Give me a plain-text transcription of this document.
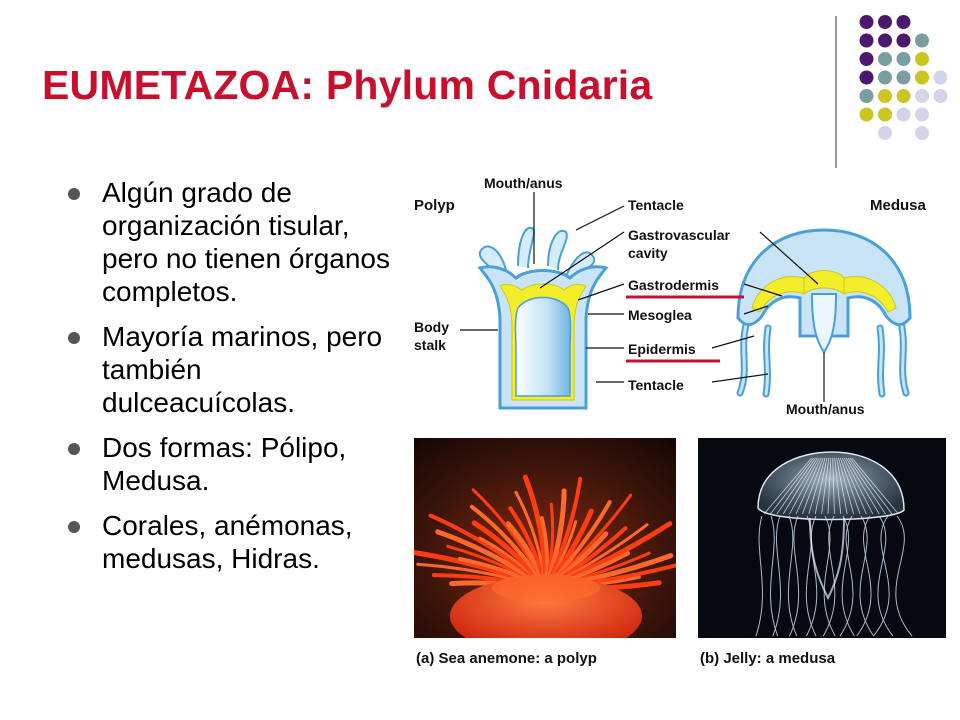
EUMETAZOA: Phylum Cnidaria
Algún grado de organización tisular, pero no tienen órganos completos.
Mayoría marinos, pero también dulceacuícolas.
Dos formas: Pólipo, Medusa.
Corales, anémonas, medusas, Hidras.
Polyp	Medusa
Mouth/anus
Tentacle
Gastrovascular
cavity
Gastrodermis
Mesoglea
Epidermis
Tentacle
Body
stalk
Mouth/anus
(a) Sea anemone: a polyp	(b) Jelly: a medusa
